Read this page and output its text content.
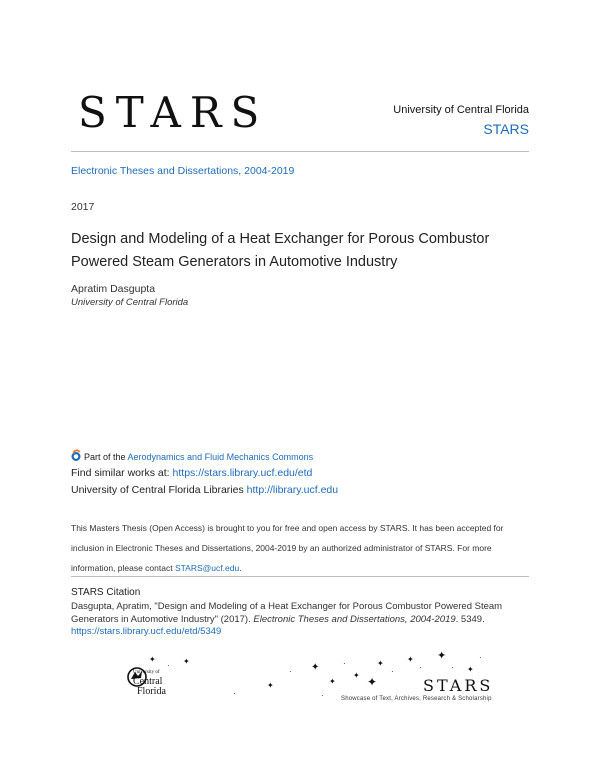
STARS	University of Central Florida
STARS
Electronic Theses and Dissertations, 2004-2019
2017
Design and Modeling of a Heat Exchanger for Porous Combustor Powered Steam Generators in Automotive Industry
Apratim Dasgupta
University of Central Florida
Part of the Aerodynamics and Fluid Mechanics Commons
Find similar works at: https://stars.library.ucf.edu/etd
University of Central Florida Libraries http://library.ucf.edu
This Masters Thesis (Open Access) is brought to you for free and open access by STARS. It has been accepted for inclusion in Electronic Theses and Dissertations, 2004-2019 by an authorized administrator of STARS. For more information, please contact STARS@ucf.edu.
STARS Citation
Dasgupta, Apratim, "Design and Modeling of a Heat Exchanger for Porous Combustor Powered Steam Generators in Automotive Industry" (2017). Electronic Theses and Dissertations, 2004-2019. 5349.
https://stars.library.ucf.edu/etd/5349
University of
Central
Florida
✦
· ✦
·
✦
· ✦
✦
·
✦ ✦
✦
·
✦
·
✦
· ✦
·
·
STARS
Showcase of Text, Archives, Research & Scholarship
